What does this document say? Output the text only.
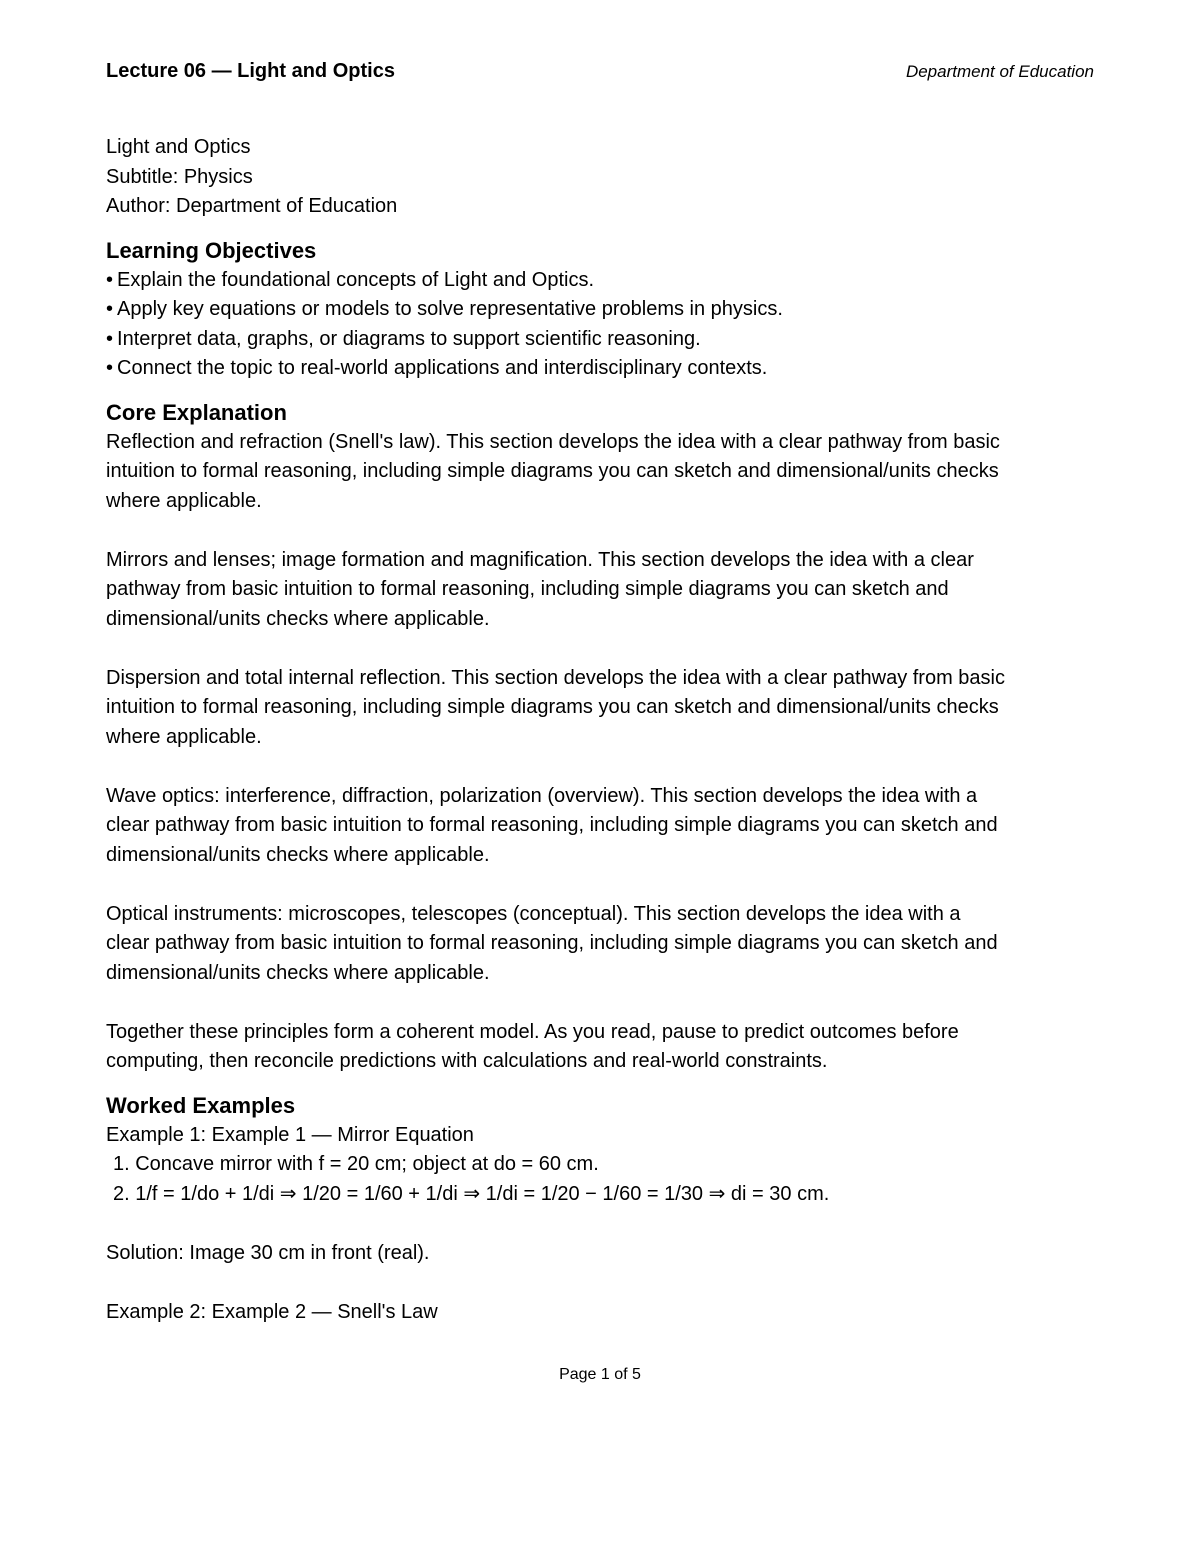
Lecture 06 — Light and Optics	Department of Education
Light and Optics
Subtitle: Physics
Author: Department of Education
Learning Objectives
• Explain the foundational concepts of Light and Optics.
• Apply key equations or models to solve representative problems in physics.
• Interpret data, graphs, or diagrams to support scientific reasoning.
• Connect the topic to real-world applications and interdisciplinary contexts.
Core Explanation

Reflection and refraction (Snell's law). This section develops the idea with a clear pathway from basic intuition to formal reasoning, including simple diagrams you can sketch and dimensional/units checks where applicable.

Mirrors and lenses; image formation and magnification. This section develops the idea with a clear pathway from basic intuition to formal reasoning, including simple diagrams you can sketch and dimensional/units checks where applicable.

Dispersion and total internal reflection. This section develops the idea with a clear pathway from basic intuition to formal reasoning, including simple diagrams you can sketch and dimensional/units checks where applicable.

Wave optics: interference, diffraction, polarization (overview). This section develops the idea with a clear pathway from basic intuition to formal reasoning, including simple diagrams you can sketch and dimensional/units checks where applicable.

Optical instruments: microscopes, telescopes (conceptual). This section develops the idea with a clear pathway from basic intuition to formal reasoning, including simple diagrams you can sketch and dimensional/units checks where applicable.

Together these principles form a coherent model. As you read, pause to predict outcomes before computing, then reconcile predictions with calculations and real-world constraints.

Worked Examples
Example 1: Example 1 — Mirror Equation
1. Concave mirror with f = 20 cm; object at do = 60 cm.
2. 1/f = 1/do + 1/di ⇒ 1/20 = 1/60 + 1/di ⇒ 1/di = 1/20 − 1/60 = 1/30 ⇒ di = 30 cm.
Solution: Image 30 cm in front (real).
Example 2: Example 2 — Snell's Law
Page 1 of 5
